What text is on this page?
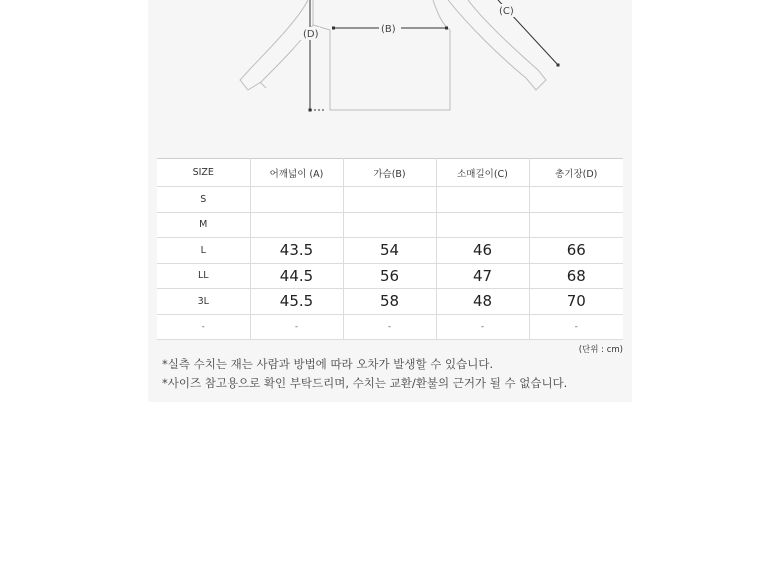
(D)	(B)
(C)
SIZE	어깨넓이 (A)	가슴(B)	소매길이(C)	총기장(D)
S				
M				
L	43.5	54	46	66
LL	44.5	56	47	68
3L	45.5	58	48	70
-	-	-	-	-
(단위 : cm)

*실측 수치는 재는 사람과 방법에 따라 오차가 발생할 수 있습니다.

*사이즈 참고용으로 확인 부탁드리며, 수치는 교환/환불의 근거가 될 수 없습니다.
